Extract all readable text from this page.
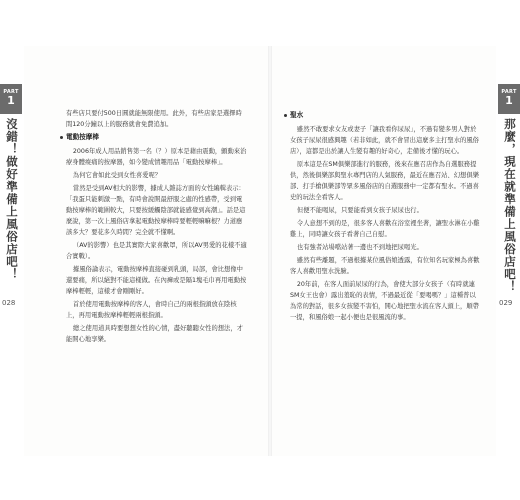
PART
1
沒錯！做好準備上風俗店吧！
028
PART
1
那麼，現在就準備上風俗店吧！
029

有些店只要付500日圓就能無限使用。此外，有些店家是選擇時間120分鐘以上的服務就會免費追加。

電動按摩棒

2006年成人用品銷售第一名（？）原本是藉由震動，顫動來治療身體痠痛的按摩器，如今變成情趣用品「電動按摩棒」。

為何它會如此受到女性喜愛呢？

當然是受到AV相大的影響，據成人雜誌方面的女性編輯表示：「我蛋只能刺激一點，有時會說開最舒服之處的性感帶，受到電動按摩棒的範圍較大，只要按緩觸陰部就能感覺到高潮」。話是這麼說，第一次上風俗店拿起電動按摩棒時要輕輕嘛嘛根？力道應該多大？要花多久時間？完全就不懂啊。

（AV的影響）也是其實際大家喜歡罩，所以AV男愛的花樣不適合實戰）。

據風俗論表示，電動按摩棒直接碰到乳頭，局部，會比想像中還要痛，所以絕對不能這樣做。在內褲或是隔1塊毛巾再用電動按摩棒輕輕，這樣才會剛剛好。

首於使用電動按摩棒的客人，會時自己的兩根指頭放在陰核上，再用電動按摩棒輕輕兩根指頭。

總之使用道具時要想想女性的心情，盡好聽聽女性的想法，才能開心地享樂。

聖水

雖然不敢要求女友或妻子「讓我看你尿尿」，不過有變多男人對於女孩子尿尿很感興趣（若非如此，就不會冒出這麼多主打聖水的風俗店），這都是出於讓人生變有趣的好奇心，走備後才懂的玩心。

原本這是在SM俱樂部進行的服務，後來在應召店作為自選服務提供，然後俱樂部與聖水專門店的人氣服務，最近在應召站、幻想俱樂部、打手槍俱樂部等眾多風俗店的自選服務中一定都有聖水。不過喜史的玩法全看客人。

但便不能喝尿，只要能看到女孩子尿尿也行。

令人意想不到的是，很多客人喜歡在浴室裡坐著，讓聖水淋在小雞雞上，同時讓女孩子看著自己自慰。

也有強者站場噹站著一邊也不到地把尿喝光。

雖然有些離題，不過根據某位風俗娘透露，有位知名玩家極為喜歡客人喜歡用聖水洗臉。

20年前，在客人面前尿尿的行為，會使大部分女孩子（有時就連SM女王也會）露出羞恥的表情，不過最近從「要喝嗎？」這種普以為常的對話，很多女孩變不害怕，開心地把聖水流在客人頭上，順帶一提，和風俗娘一起小便也是很風流的事。
